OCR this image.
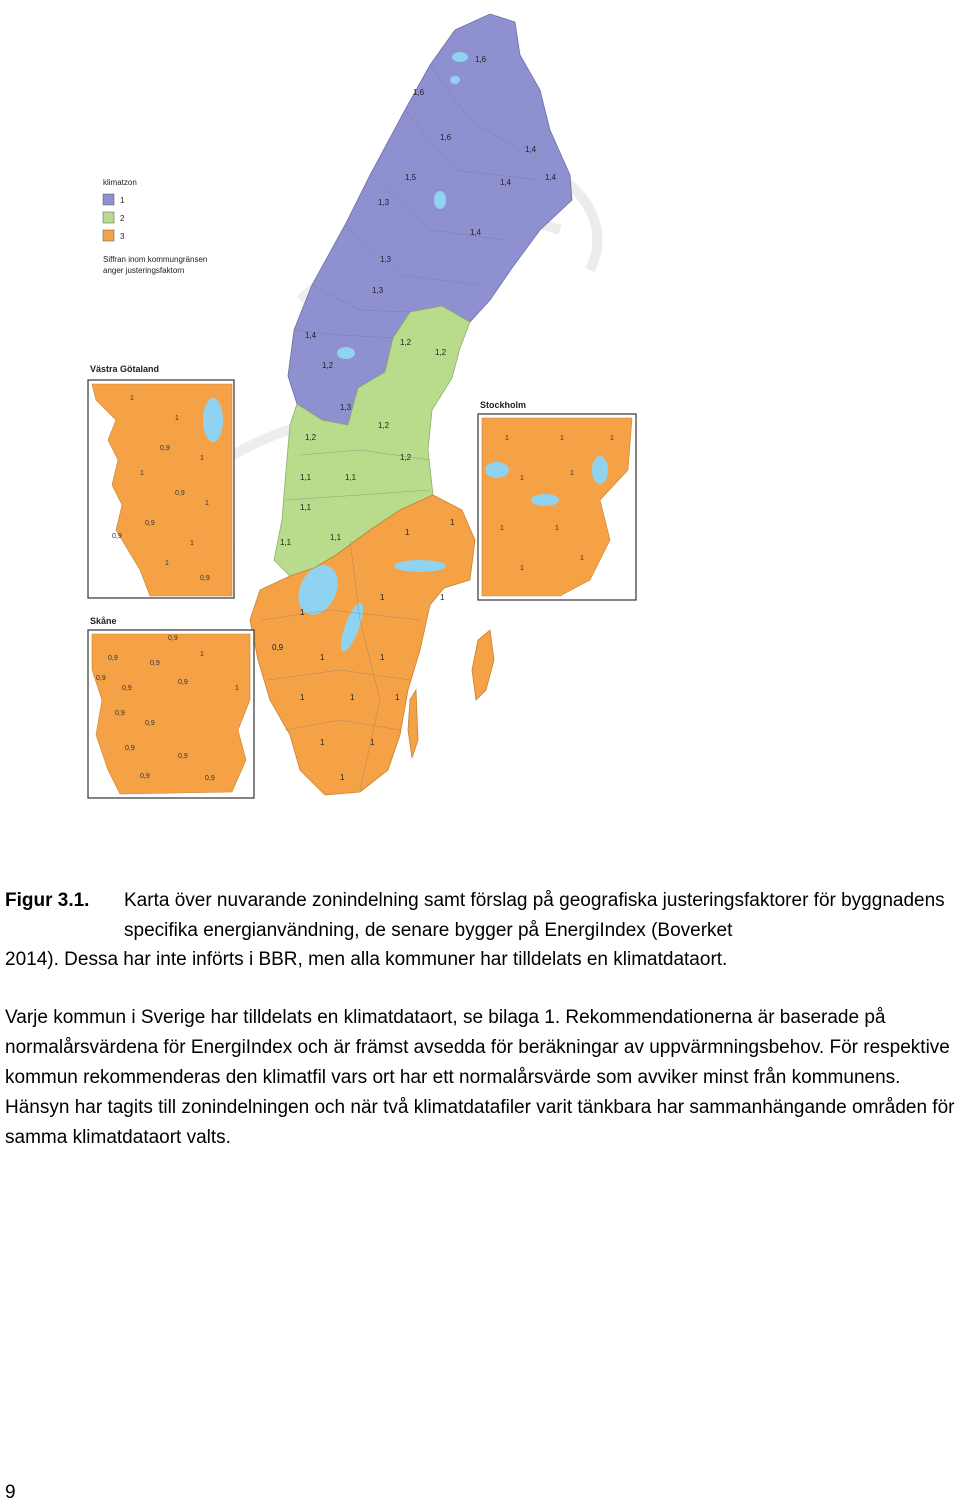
1,6
1,6
1,6
1,4
1,4
1,4
1,3
1,5
1,4
1,3
1,4
1,2
1,3
1,3
1,2
1,2
1,2
1,2
1,1	1,1
1,2
1,1
1,1
1,1
1
1
0,9
1
1	1
1	1
1	1	1
1	1
1
klimatzon
1
2
3
Siffran inom kommungränsen
anger justeringsfaktorn
Västra Götaland
1
1
0,9
1
1
0,9
1
0,9
0,9
1
1
0,9
Stockholm
1	1	1
1
1
1	1
1
1
Skåne
0,9
1
0,9
0,9
0,9
0,9
0,9
0,9
0,9
0,9
1
0,9
0,9	0,9
Figur 3.1. Karta över nuvarande zonindelning samt förslag på geografiska justeringsfaktorer för byggnadens specifika energianvändning, de senare bygger på EnergiIndex (Boverket
2014). Dessa har inte införts i BBR, men alla kommuner har tilldelats en klimatdataort.

Varje kommun i Sverige har tilldelats en klimatdataort, se bilaga 1. Rekommendationerna är baserade på normalårsvärdena för EnergiIndex och är främst avsedda för beräkningar av uppvärmningsbehov. För respektive kommun rekommenderas den klimatfil vars ort har ett normalårsvärde som avviker minst från kommunens. Hänsyn har tagits till zonindelningen och när två klimatdatafiler varit tänkbara har sammanhängande områden för samma klimatdataort valts.

9
